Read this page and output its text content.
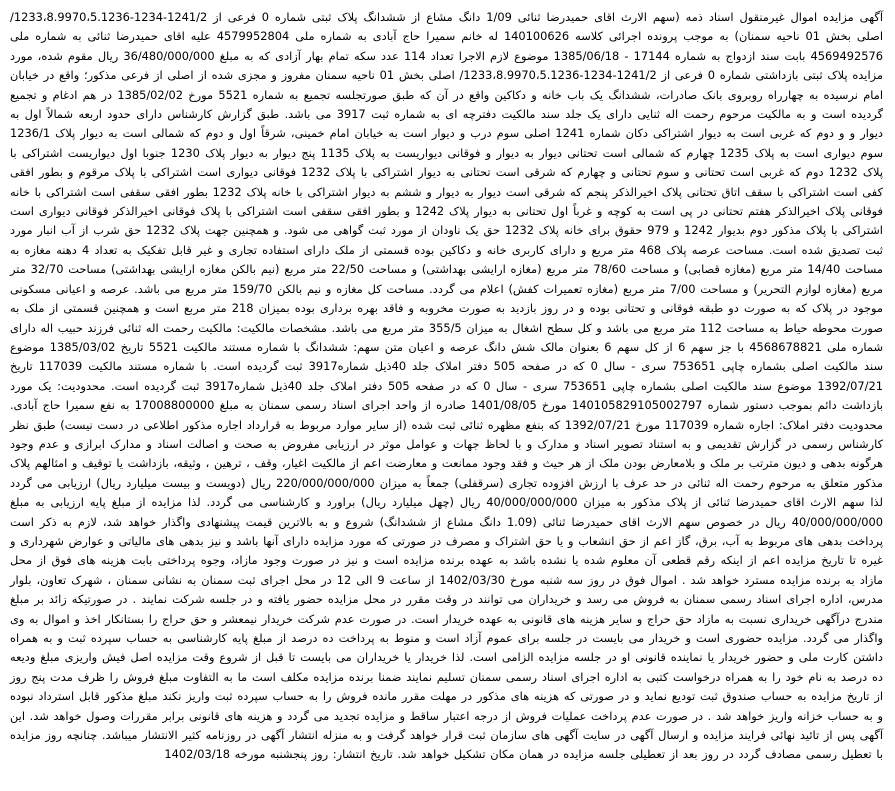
آگهی مزایده اموال غیرمنقول اسناد ذمه (سهم الارث اقای حمیدرضا ثنائی 1/09 دانگ مشاع از ششدانگ پلاک ثبتی شماره 0 فرعی از 1241/2-1234-1233،8.9970،5.1236/ اصلی بخش 01 ناحیه سمنان) به موجب پرونده اجرائی کلاسه 140100626 له خانم سمیرا حاج آبادی به شماره ملی 4579952804 علیه اقای حمیدرضا ثنائی به شماره ملی 4569492576 بابت سند ازدواج به شماره 17144 - 1385/06/18 موضوع لازم الاجرا تعداد 114 عدد سکه تمام بهار آزادی که به مبلغ 36/480/000/000 ریال مقوم شده، مورد مزایده پلاک ثبتی بازداشتی شماره 0 فرعی از 1241/2-1234-1233،8.9970،5.1236/ اصلی بخش 01 ناحیه سمنان مفروز و مجزی شده از اصلی از فرعی مذکور؛ واقع در خیابان امام نرسیده به چهارراه روبروی بانک صادرات، ششدانگ یک باب خانه و دکاکین واقع در آن که طبق صورتجلسه تجمیع به شماره 5521 مورخ 1385/02/02 در هم ادغام و تجمیع گردیده است و به مالکیت مرحوم رحمت اله ثنایی دارای یک جلد سند مالکیت دفترچه ای به شماره ثبت 3917 می باشد. طبق گزارش کارشناس دارای حدود اربعه شمالاً اول به دیوار و و دوم که غربی است به دیوار اشتراکی دکان شماره 1241 اصلی سوم درب و دیوار است به خیابان امام خمینی، شرقاً اول و دوم که شمالی است به دیوار پلاک 1236/1 سوم دیواری است به پلاک 1235 چهارم که شمالی است تحتانی دیوار به دیوار و فوقانی دیواریست به پلاک 1135 پنج دیوار به دیوار پلاک 1230 جنوبا اول دیواریست اشتراکی با پلاک 1232 دوم که غربی است تحتانی و سوم تحتانی و چهارم که شرقی است تحتانی به دیوار اشتراکی با پلاک 1232 فوقانی دیواری است اشتراکی با پلاک مرقوم و بطور افقی کفی است اشتراکی با سقف اتاق تحتانی پلاک اخیرالذکر پنجم که شرقی است دیوار به دیوار و ششم به دیوار اشتراکی با خانه پلاک 1232 بطور افقی سقفی است اشتراکی با خانه فوقانی پلاک اخیرالذکر هفتم تحتانی در پی است به کوچه و غرباً اول تحتانی به دیوار پلاک 1242 و بطور افقی سقفی است اشتراکی با پلاک فوقانی اخیرالذکر فوقانی دیواری است اشتراکی با پلاک مذکور دوم بدیوار 1242 و 979 حقوق برای خانه پلاک 1232 حق یک ناودان از مورد ثبت گواهی می شود. و همچنین جهت پلاک 1232 حق شرب از آب انبار مورد ثبت تصدیق شده است. مساحت عرصه پلاک 468 متر مربع و دارای کاربری خانه و دکاکین بوده قسمتی از ملک دارای استفاده تجاری و غیر قابل تفکیک به تعداد 4 دهنه مغازه به مساحت 14/40 متر مربع (مغازه قصابی) و مساحت 78/60 متر مربع (مغازه ارایشی بهداشتی) و مساحت 22/50 متر مربع (نیم بالکن مغازه ارایشی بهداشتی) مساحت 32/70 متر مربع (مغازه لوازم التحریر) و مساحت 7/00 متر مربع (مغازه تعمیرات کفش) اعلام می گردد. مساحت کل مغازه و نیم بالکن 159/70 متر مربع می باشد. عرصه و اعیانی مسکونی موجود در پلاک که به صورت دو طبقه فوقانی و تحتانی بوده و در روز بازدید به صورت مخروبه و فاقد بهره برداری بوده بمیزان 218 متر مربع است و همچنین قسمتی از ملک به صورت محوطه حیاط به مساحت 112 متر مربع می باشد و کل سطح اشغال به میزان 355/5 متر مربع می باشد. مشخصات مالکیت: مالکیت رحمت اله ثنائی فرزند حبیب اله دارای شماره ملی 4568678821 با جز سهم 6 از کل سهم 6 بعنوان مالک شش دانگ عرصه و اعیان متن سهم: ششدانگ با شماره مستند مالکیت 5521 تاریخ 1385/03/02 موضوع سند مالکیت اصلی بشماره چاپی 753651 سری - سال 0 که در صفحه 505 دفتر املاک جلد 40ذیل شماره3917 ثبت گردیده است. با شماره مستند مالکیت 117039 تاریخ 1392/07/21 موضوع سند مالکیت اصلی بشماره چاپی 753651 سری - سال 0 که در صفحه 505 دفتر املاک جلد 40ذیل شماره3917 ثبت گردیده است. محدودیت: یک مورد بازداشت دائم بموجب دستور شماره 140105829105002797 مورخ 1401/08/05 صادره از واحد اجرای اسناد رسمی سمنان به مبلغ 17008800000 به نفع سمیرا حاج آبادی. محدودیت دفتر املاک: اجاره شماره 117039 مورخ 1392/07/21 که بنفع مظهره ثنائی ثبت شده (از سایر موارد مربوط به قرارداد اجاره مذکور اطلاعی در دست نیست) طبق نظر کارشناس رسمی در گزارش تقدیمی و به استناد تصویر اسناد و مدارک و با لحاظ جهات و عوامل موثر در ارزیابی مفروض به صحت و اصالت اسناد و مدارک ابرازی و عدم وجود هرگونه بدهی و دیون مترتب بر ملک و بلامعارض بودن ملک از هر حیث و فقد وجود ممانعت و معارضت اعم از مالکیت اغیار، وقف ، ترهین ، وثیقه، بازداشت یا توقیف و امثالهم پلاک مذکور متعلق به مرحوم رحمت اله ثنائی در حد عرف با ارزش افزوده تجاری (سرقفلی) جمعاً به میزان 220/000/000/000 ریال (دویست و بیست میلیارد ریال) ارزیابی می گردد لذا سهم الارث اقای حمیدرضا ثنائی از پلاک مذکور به میزان 40/000/000/000 ریال (چهل میلیارد ریال) براورد و کارشناسی می گردد. لذا مزایده از مبلغ پایه ارزیابی به مبلغ 40/000/000/000 ریال در خصوص سهم الارث اقای حمیدرضا ثنائی (1.09 دانگ مشاع از ششدانگ) شروع و به بالاترین قیمت پیشنهادی واگذار خواهد شد، لازم به ذکر است پرداخت بدهی های مربوط به آب، برق، گاز اعم از حق انشعاب و یا حق اشتراک و مصرف در صورتی که مورد مزایده دارای آنها باشد و نیز بدهی های مالیاتی و عوارض شهرداری و غیره تا تاریخ مزایده اعم از اینکه رقم قطعی آن معلوم شده یا نشده باشد به عهده برنده مزایده است و نیز در صورت وجود مازاد، وجوه پرداختی بابت هزینه های فوق از محل مازاد به برنده مزایده مسترد خواهد شد . اموال فوق در روز سه شنبه مورخ 1402/03/30 از ساعت 9 الی 12 در محل اجرای ثبت سمنان به نشانی سمنان ، شهرک تعاون، بلوار مدرس، اداره اجرای اسناد رسمی سمنان به فروش می رسد و خریداران می توانند در وقت مقرر در محل مزایده حضور یافته و در جلسه شرکت نمایند . در صورتیکه زائد بر مبلغ مندرج درآگهی خریداری نسبت به مازاد حق حراج و سایر هزینه های قانونی به عهده خریدار است. در صورت عدم شرکت خریدار نیمعشر و حق حراج را بستانکار اخذ و اموال به وی واگذار می گردد. مزایده حضوری است و خریدار می بایست در جلسه برای عموم آزاد است و منوط به پرداخت ده درصد از مبلغ پایه کارشناسی به حساب سپرده ثبت و به همراه داشتن کارت ملی و حضور خریدار یا نماینده قانونی او در جلسه مزایده الزامی است. لذا خریدار یا خریداران می بایست تا قبل از شروع وقت مزایده اصل فیش واریزی مبلغ ودیعه ده درصد به نام خود را به همراه درخواست کتبی به اداره اجرای اسناد رسمی سمنان تسلیم نمایند ضمنا برنده مزایده مکلف است ما به التفاوت مبلغ فروش را ظرف مدت پنج روز از تاریخ مزایده به حساب صندوق ثبت تودیع نماید و در صورتی که هزینه های مذکور در مهلت مقرر مانده فروش را به حساب سپرده ثبت واریز نکند مبلغ مذکور قابل استرداد نبوده و به حساب خزانه واریز خواهد شد . در صورت عدم پرداخت عملیات فروش از درجه اعتبار ساقط و مزایده تجدید می گردد و هزینه های قانونی برابر مقررات وصول خواهد شد. این آگهی پس از تائید نهائی فرایند مزایده و ارسال آگهی در سایت آگهی های سازمان ثبت قرار خواهد گرفت و به منزله انتشار آگهی در روزنامه کثیر الانتشار میباشد. چنانچه روز مزایده با تعطیل رسمی مصادف گردد در روز بعد از تعطیلی جلسه مزایده در همان مکان تشکیل خواهد شد. تاریخ انتشار: روز پنجشنبه مورخه 1402/03/18
